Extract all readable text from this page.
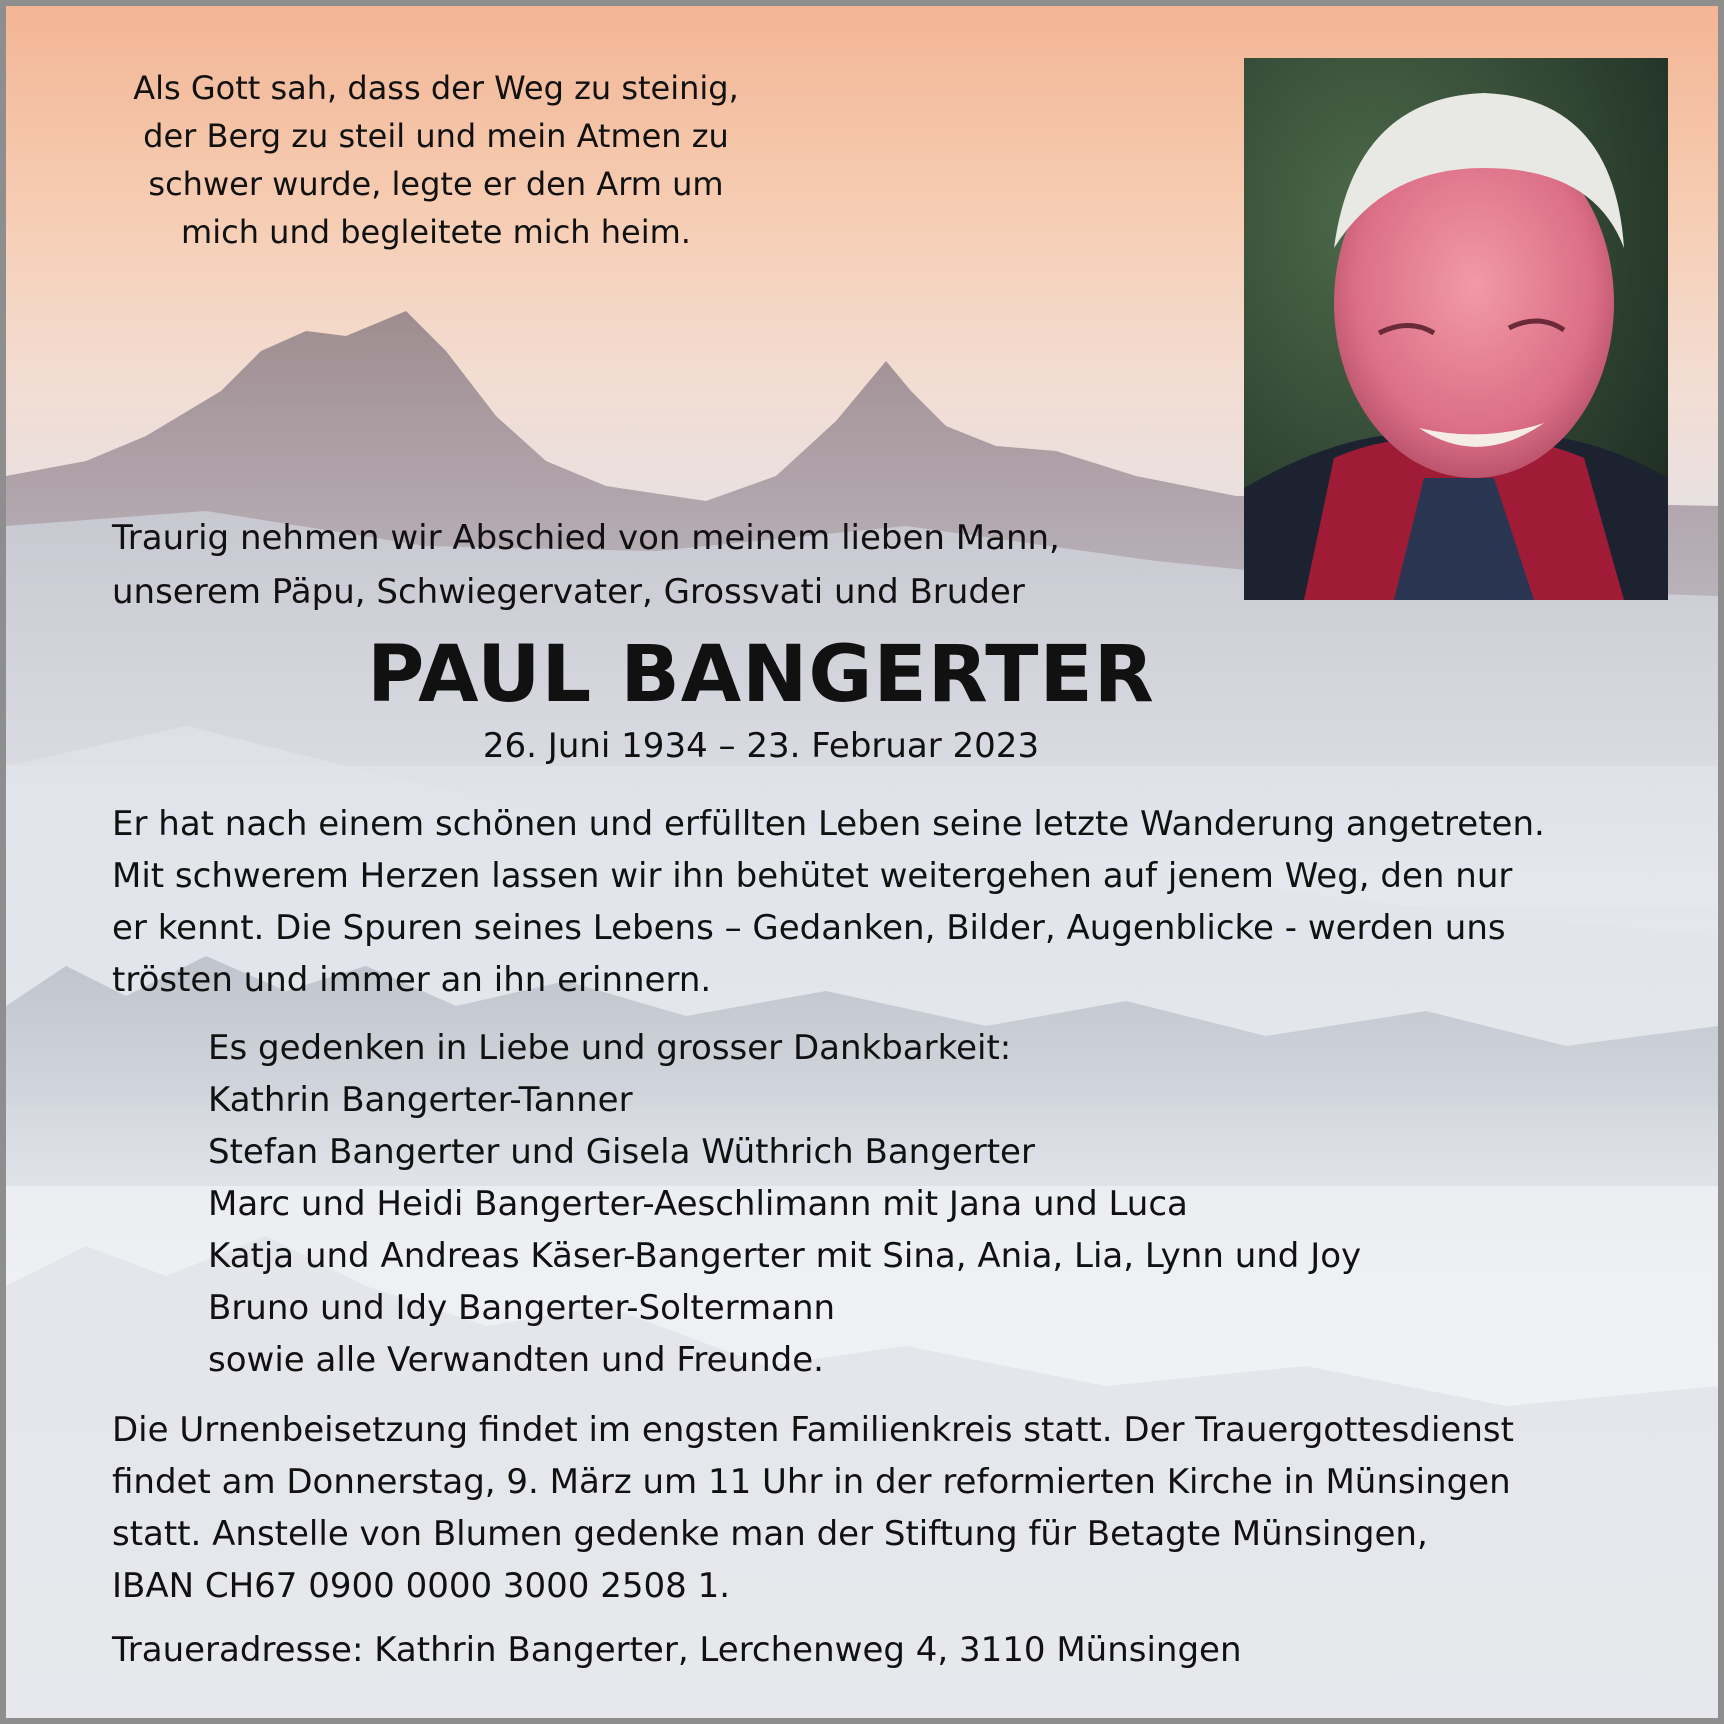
Als Gott sah, dass der Weg zu steinig,
der Berg zu steil und mein Atmen zu
schwer wurde, legte er den Arm um
mich und begleitete mich heim.
Traurig nehmen wir Abschied von meinem lieben Mann,
unserem Päpu, Schwiegervater, Grossvati und Bruder
PAUL BANGERTER
26. Juni 1934 – 23. Februar 2023
Er hat nach einem schönen und erfüllten Leben seine letzte Wanderung angetreten.
Mit schwerem Herzen lassen wir ihn behütet weitergehen auf jenem Weg, den nur
er kennt. Die Spuren seines Lebens – Gedanken, Bilder, Augenblicke - werden uns
trösten und immer an ihn erinnern.
Es gedenken in Liebe und grosser Dankbarkeit:
Kathrin Bangerter-Tanner
Stefan Bangerter und Gisela Wüthrich Bangerter
Marc und Heidi Bangerter-Aeschlimann mit Jana und Luca
Katja und Andreas Käser-Bangerter mit Sina, Ania, Lia, Lynn und Joy
Bruno und Idy Bangerter-Soltermann
sowie alle Verwandten und Freunde.
Die Urnenbeisetzung findet im engsten Familienkreis statt. Der Trauergottesdienst
findet am Donnerstag, 9. März um 11 Uhr in der reformierten Kirche in Münsingen
statt. Anstelle von Blumen gedenke man der Stiftung für Betagte Münsingen,
IBAN CH67 0900 0000 3000 2508 1.
Traueradresse: Kathrin Bangerter, Lerchenweg 4, 3110 Münsingen
